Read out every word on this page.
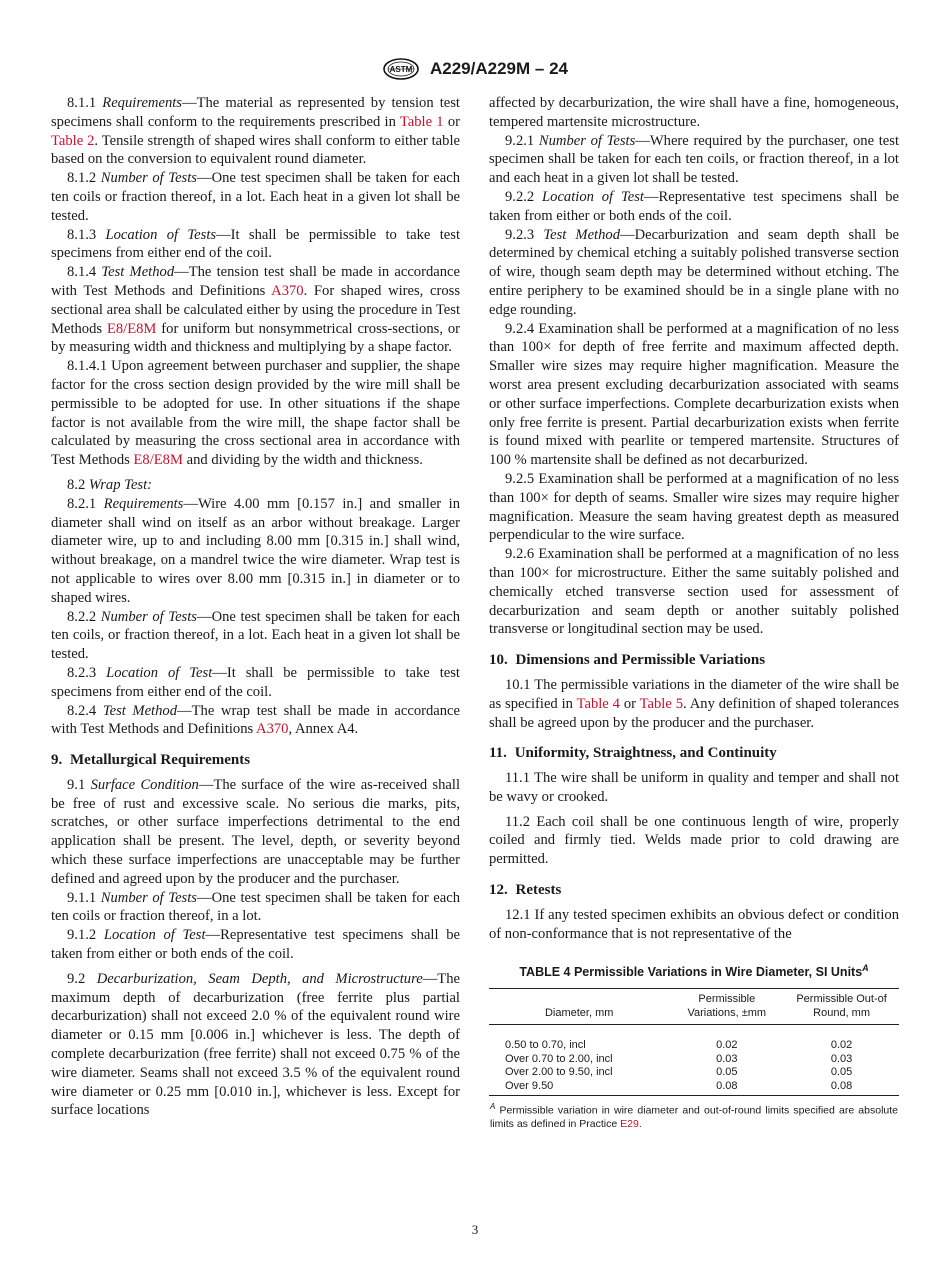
ASTM A229/A229M – 24

8.1.1 Requirements—The material as represented by tension test specimens shall conform to the requirements prescribed in Table 1 or Table 2. Tensile strength of shaped wires shall conform to either table based on the conversion to equivalent round diameter.

8.1.2 Number of Tests—One test specimen shall be taken for each ten coils or fraction thereof, in a lot. Each heat in a given lot shall be tested.

8.1.3 Location of Tests—It shall be permissible to take test specimens from either end of the coil.

8.1.4 Test Method—The tension test shall be made in accordance with Test Methods and Definitions A370. For shaped wires, cross sectional area shall be calculated either by using the procedure in Test Methods E8/E8M for uniform but nonsymmetrical cross-sections, or by measuring width and thickness and multiplying by a shape factor.

8.1.4.1 Upon agreement between purchaser and supplier, the shape factor for the cross section design provided by the wire mill shall be permissible to be adopted for use. In other situations if the shape factor is not available from the wire mill, the shape factor shall be calculated by measuring the cross sectional area in accordance with Test Methods E8/E8M and dividing by the width and thickness.

8.2 Wrap Test:

8.2.1 Requirements—Wire 4.00 mm [0.157 in.] and smaller in diameter shall wind on itself as an arbor without breakage. Larger diameter wire, up to and including 8.00 mm [0.315 in.] shall wind, without breakage, on a mandrel twice the wire diameter. Wrap test is not applicable to wires over 8.00 mm [0.315 in.] in diameter or to shaped wires.

8.2.2 Number of Tests—One test specimen shall be taken for each ten coils, or fraction thereof, in a lot. Each heat in a given lot shall be tested.

8.2.3 Location of Test—It shall be permissible to take test specimens from either end of the coil.

8.2.4 Test Method—The wrap test shall be made in accordance with Test Methods and Definitions A370, Annex A4.

9. Metallurgical Requirements

9.1 Surface Condition—The surface of the wire as-received shall be free of rust and excessive scale. No serious die marks, pits, scratches, or other surface imperfections detrimental to the end application shall be present. The level, depth, or severity beyond which these surface imperfections are unacceptable may be further defined and agreed upon by the producer and the purchaser.

9.1.1 Number of Tests—One test specimen shall be taken for each ten coils or fraction thereof, in a lot.

9.1.2 Location of Test—Representative test specimens shall be taken from either or both ends of the coil.

9.2 Decarburization, Seam Depth, and Microstructure—The maximum depth of decarburization (free ferrite plus partial decarburization) shall not exceed 2.0 % of the equivalent round wire diameter or 0.15 mm [0.006 in.] whichever is less. The depth of complete decarburization (free ferrite) shall not exceed 0.75 % of the wire diameter. Seams shall not exceed 3.5 % of the equivalent round wire diameter or 0.25 mm [0.010 in.], whichever is less. Except for surface locations

affected by decarburization, the wire shall have a fine, homogeneous, tempered martensite microstructure.

9.2.1 Number of Tests—Where required by the purchaser, one test specimen shall be taken for each ten coils, or fraction thereof, in a lot and each heat in a given lot shall be tested.

9.2.2 Location of Test—Representative test specimens shall be taken from either or both ends of the coil.

9.2.3 Test Method—Decarburization and seam depth shall be determined by chemical etching a suitably polished transverse section of wire, though seam depth may be determined without etching. The entire periphery to be examined should be in a single plane with no edge rounding.

9.2.4 Examination shall be performed at a magnification of no less than 100× for depth of free ferrite and maximum affected depth. Smaller wire sizes may require higher magnification. Measure the worst area present excluding decarburization associated with seams or other surface imperfections. Complete decarburization exists when only free ferrite is present. Partial decarburization exists when ferrite is found mixed with pearlite or tempered martensite. Structures of 100 % martensite shall be defined as not decarburized.

9.2.5 Examination shall be performed at a magnification of no less than 100× for depth of seams. Smaller wire sizes may require higher magnification. Measure the seam having greatest depth as measured perpendicular to the wire surface.

9.2.6 Examination shall be performed at a magnification of no less than 100× for microstructure. Either the same suitably polished and chemically etched transverse section used for assessment of decarburization and seam depth or another suitably polished transverse or longitudinal section may be used.

10. Dimensions and Permissible Variations

10.1 The permissible variations in the diameter of the wire shall be as specified in Table 4 or Table 5. Any definition of shaped tolerances shall be agreed upon by the producer and the purchaser.

11. Uniformity, Straightness, and Continuity

11.1 The wire shall be uniform in quality and temper and shall not be wavy or crooked.

11.2 Each coil shall be one continuous length of wire, properly coiled and firmly tied. Welds made prior to cold drawing are permitted.

12. Retests

12.1 If any tested specimen exhibits an obvious defect or condition of non-conformance that is not representative of the

TABLE 4 Permissible Variations in Wire Diameter, SI Units$^A$
Diameter, mm	Permissible Variations, ±mm	Permissible Out-of Round, mm
0.50 to 0.70, incl	0.02	0.02
Over 0.70 to 2.00, incl	0.03	0.03
Over 2.00 to 9.50, incl	0.05	0.05
Over 9.50	0.08	0.08
$^A$ Permissible variation in wire diameter and out-of-round limits specified are absolute limits as defined in Practice E29.		
3
